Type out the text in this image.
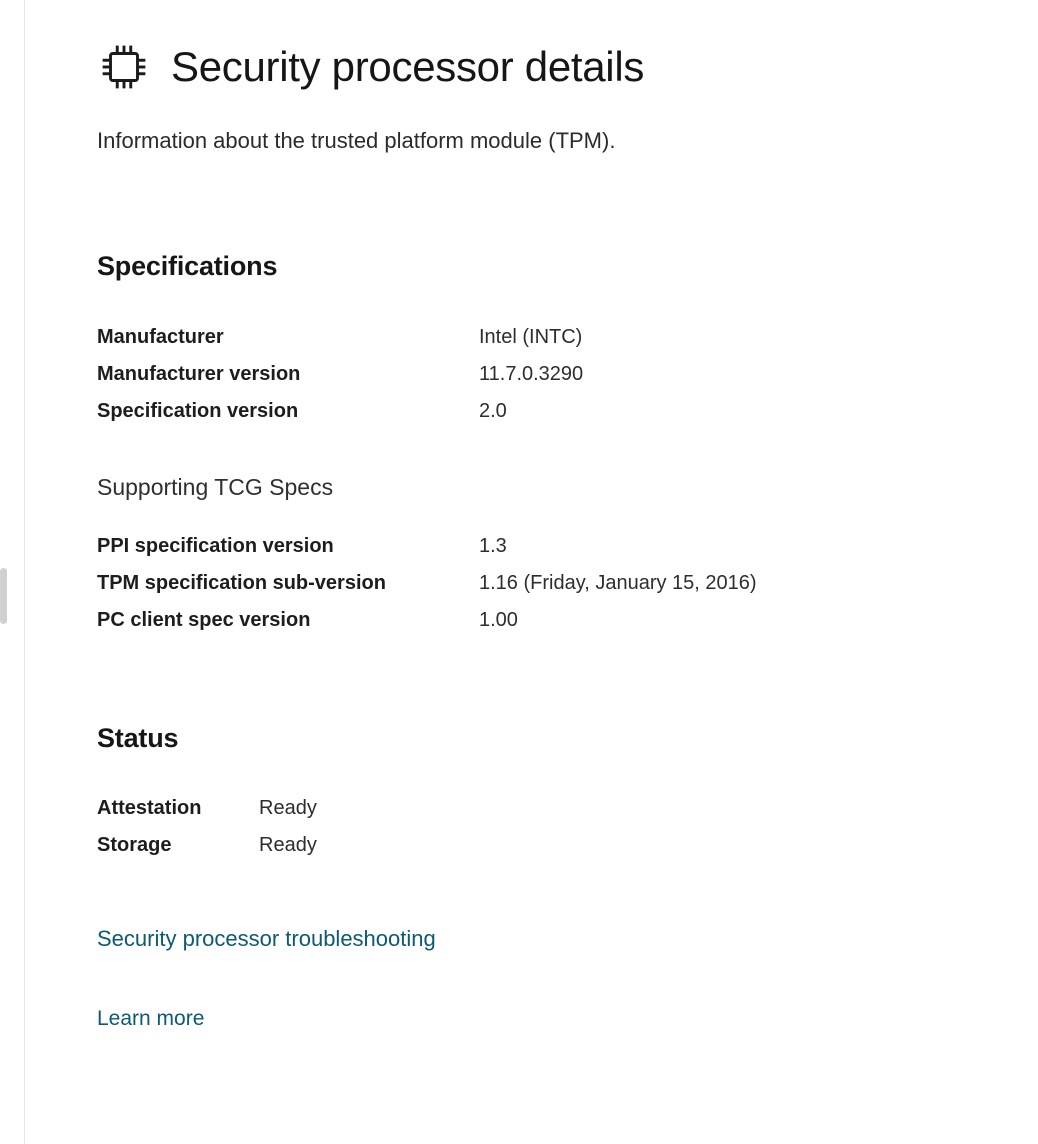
Security processor details
Information about the trusted platform module (TPM).
Specifications
Manufacturer	Intel (INTC)
Manufacturer version	11.7.0.3290
Specification version	2.0
Supporting TCG Specs
PPI specification version	1.3
TPM specification sub-version	1.16 (Friday, January 15, 2016)
PC client spec version	1.00
Status
Attestation	Ready
Storage	Ready
Security processor troubleshooting
Learn more
